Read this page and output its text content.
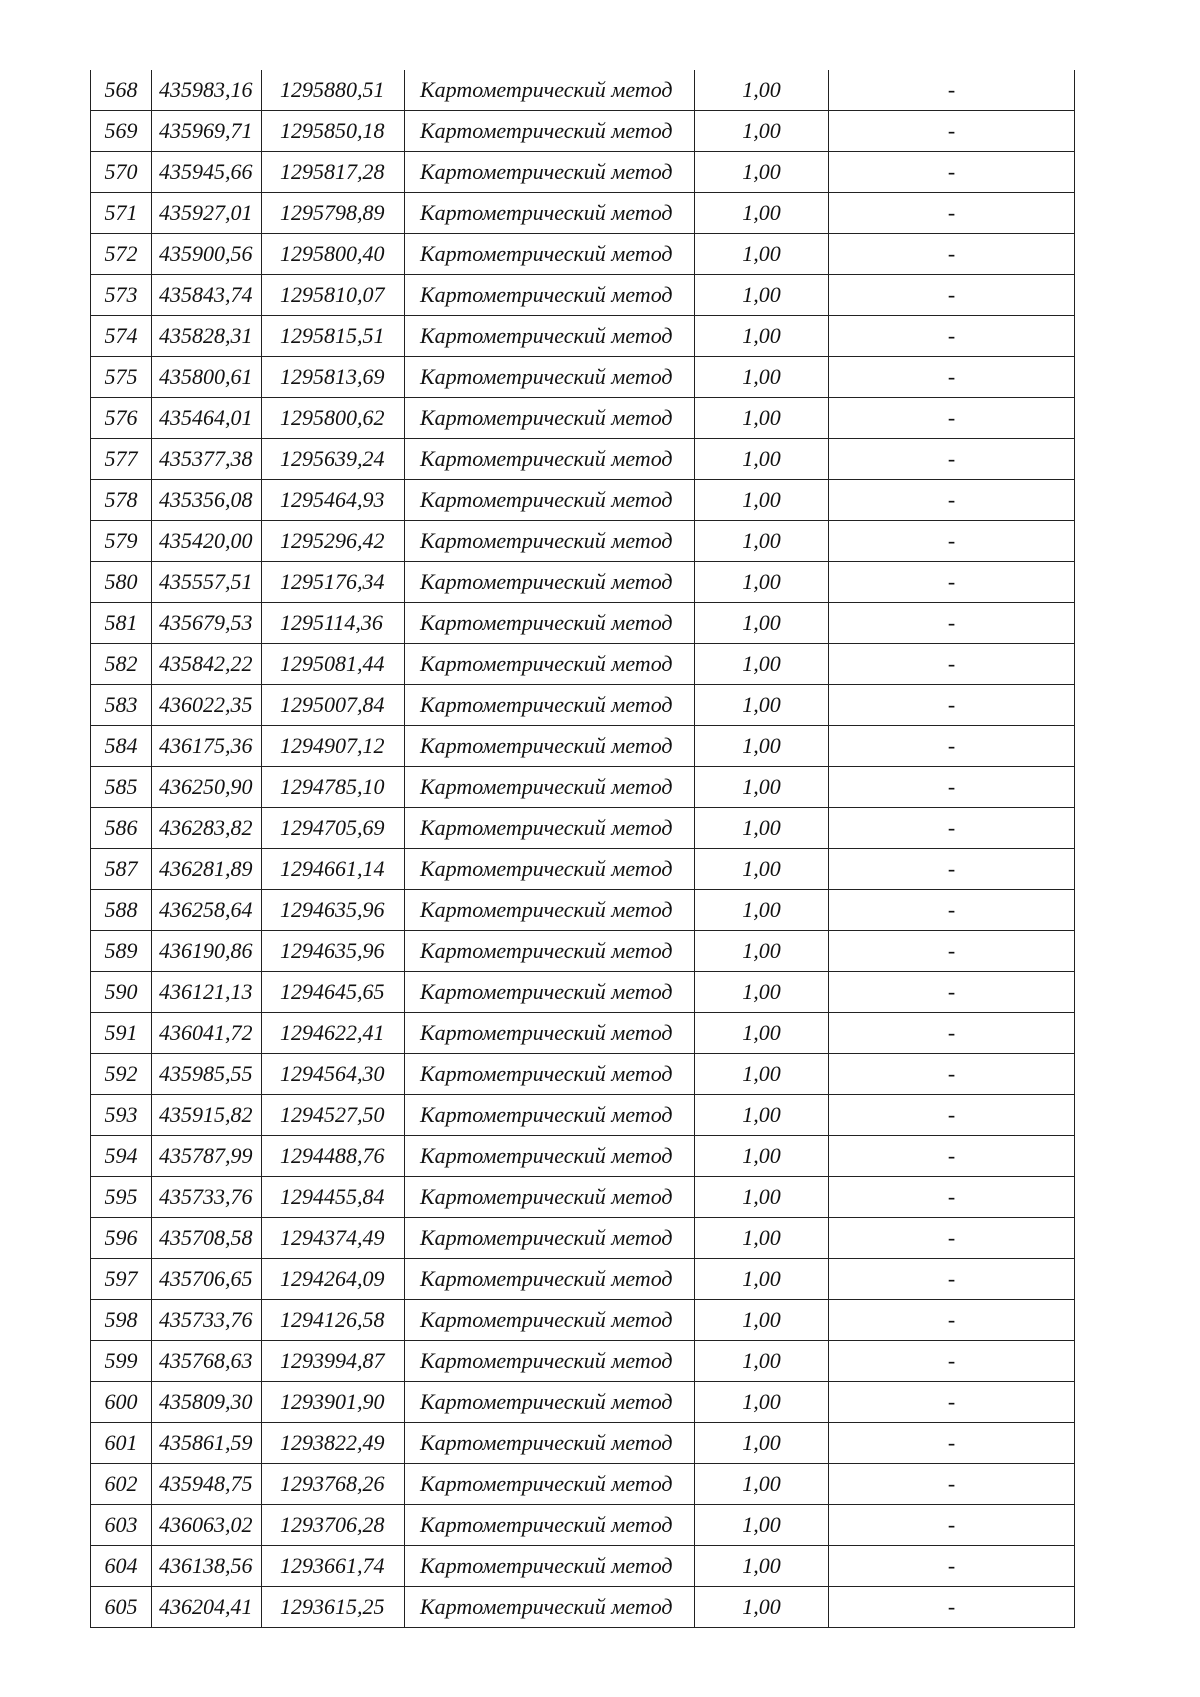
568	435983,16	1295880,51	Картометрический метод	1,00	-
569	435969,71	1295850,18	Картометрический метод	1,00	-
570	435945,66	1295817,28	Картометрический метод	1,00	-
571	435927,01	1295798,89	Картометрический метод	1,00	-
572	435900,56	1295800,40	Картометрический метод	1,00	-
573	435843,74	1295810,07	Картометрический метод	1,00	-
574	435828,31	1295815,51	Картометрический метод	1,00	-
575	435800,61	1295813,69	Картометрический метод	1,00	-
576	435464,01	1295800,62	Картометрический метод	1,00	-
577	435377,38	1295639,24	Картометрический метод	1,00	-
578	435356,08	1295464,93	Картометрический метод	1,00	-
579	435420,00	1295296,42	Картометрический метод	1,00	-
580	435557,51	1295176,34	Картометрический метод	1,00	-
581	435679,53	1295114,36	Картометрический метод	1,00	-
582	435842,22	1295081,44	Картометрический метод	1,00	-
583	436022,35	1295007,84	Картометрический метод	1,00	-
584	436175,36	1294907,12	Картометрический метод	1,00	-
585	436250,90	1294785,10	Картометрический метод	1,00	-
586	436283,82	1294705,69	Картометрический метод	1,00	-
587	436281,89	1294661,14	Картометрический метод	1,00	-
588	436258,64	1294635,96	Картометрический метод	1,00	-
589	436190,86	1294635,96	Картометрический метод	1,00	-
590	436121,13	1294645,65	Картометрический метод	1,00	-
591	436041,72	1294622,41	Картометрический метод	1,00	-
592	435985,55	1294564,30	Картометрический метод	1,00	-
593	435915,82	1294527,50	Картометрический метод	1,00	-
594	435787,99	1294488,76	Картометрический метод	1,00	-
595	435733,76	1294455,84	Картометрический метод	1,00	-
596	435708,58	1294374,49	Картометрический метод	1,00	-
597	435706,65	1294264,09	Картометрический метод	1,00	-
598	435733,76	1294126,58	Картометрический метод	1,00	-
599	435768,63	1293994,87	Картометрический метод	1,00	-
600	435809,30	1293901,90	Картометрический метод	1,00	-
601	435861,59	1293822,49	Картометрический метод	1,00	-
602	435948,75	1293768,26	Картометрический метод	1,00	-
603	436063,02	1293706,28	Картометрический метод	1,00	-
604	436138,56	1293661,74	Картометрический метод	1,00	-
605	436204,41	1293615,25	Картометрический метод	1,00	-
